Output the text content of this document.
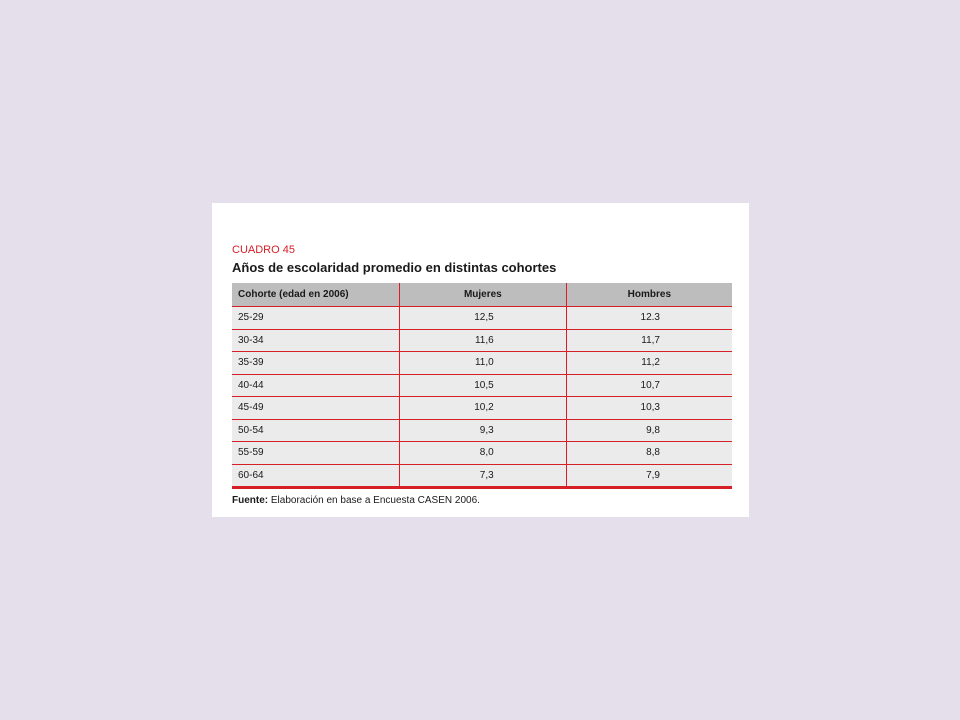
CUADRO 45
Años de escolaridad promedio en distintas cohortes
Cohorte (edad en 2006)	Mujeres	Hombres
25-29	12,5	12.3
30-34	11,6	11,7
35-39	11,0	11,2
40-44	10,5	10,7
45-49	10,2	10,3
50-54	9,3	9,8
55-59	8,0	8,8
60-64	7,3	7,9
Fuente: Elaboración en base a Encuesta CASEN 2006.
